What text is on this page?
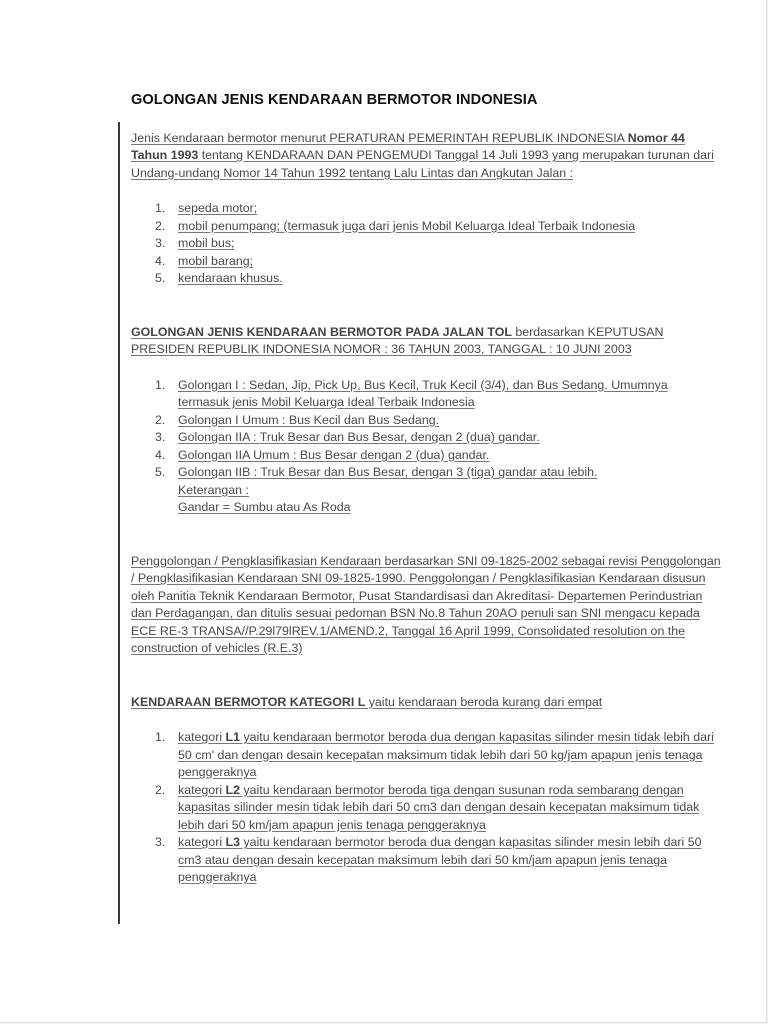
GOLONGAN JENIS KENDARAAN BERMOTOR INDONESIA

Jenis Kendaraan bermotor menurut PERATURAN PEMERINTAH REPUBLIK INDONESIA Nomor 44 Tahun 1993 tentang KENDARAAN DAN PENGEMUDI Tanggal 14 Juli 1993 yang merupakan turunan dari Undang-undang Nomor 14 Tahun 1992 tentang Lalu Lintas dan Angkutan Jalan :

1. sepeda motor;
2. mobil penumpang; (termasuk juga dari jenis Mobil Keluarga Ideal Terbaik Indonesia
3. mobil bus;
4. mobil barang;
5. kendaraan khusus.

GOLONGAN JENIS KENDARAAN BERMOTOR PADA JALAN TOL berdasarkan KEPUTUSAN PRESIDEN REPUBLIK INDONESIA NOMOR : 36 TAHUN 2003, TANGGAL : 10 JUNI 2003

1. Golongan I : Sedan, Jip, Pick Up, Bus Kecil, Truk Kecil (3/4), dan Bus Sedang. Umumnya termasuk jenis Mobil Keluarga Ideal Terbaik Indonesia
2. Golongan I Umum : Bus Kecil dan Bus Sedang.
3. Golongan IIA : Truk Besar dan Bus Besar, dengan 2 (dua) gandar.
4. Golongan IIA Umum : Bus Besar dengan 2 (dua) gandar.
5. Golongan IIB : Truk Besar dan Bus Besar, dengan 3 (tiga) gandar atau lebih.
Keterangan :
Gandar = Sumbu atau As Roda

Penggolongan / Pengklasifikasian Kendaraan berdasarkan SNI 09-1825-2002 sebagai revisi Penggolongan / Pengklasifikasian Kendaraan SNI 09-1825-1990. Penggolongan / Pengklasifikasian Kendaraan disusun oleh Panitia Teknik Kendaraan Bermotor, Pusat Standardisasi dan Akreditasi- Departemen Perindustrian dan Perdagangan, dan ditulis sesuai pedoman BSN No.8 Tahun 20AO penuli san SNI mengacu kepada ECE RE-3 TRANSA//P.29l79lREV.1/AMEND.2, Tanggal 16 April 1999, Consolidated resolution on the construction of vehicles (R.E.3)

KENDARAAN BERMOTOR KATEGORI L yaitu kendaraan beroda kurang dari empat

1. kategori L1 yaitu kendaraan bermotor beroda dua dengan kapasitas silinder mesin tidak lebih dari 50 cm' dan dengan desain kecepatan maksimum tidak lebih dari 50 kg/jam apapun jenis tenaga penggeraknya
2. kategori L2 yaitu kendaraan bermotor beroda tiga dengan susunan roda sembarang dengan kapasitas silinder mesin tidak lebih dari 50 cm3 dan dengan desain kecepatan maksimum tidak lebih dari 50 km/jam apapun jenis tenaga penggeraknya
3. kategori L3 yaitu kendaraan bermotor beroda dua dengan kapasitas silinder mesin lebih dari 50 cm3 atau dengan desain kecepatan maksimum lebih dari 50 km/jam apapun jenis tenaga penggeraknya
